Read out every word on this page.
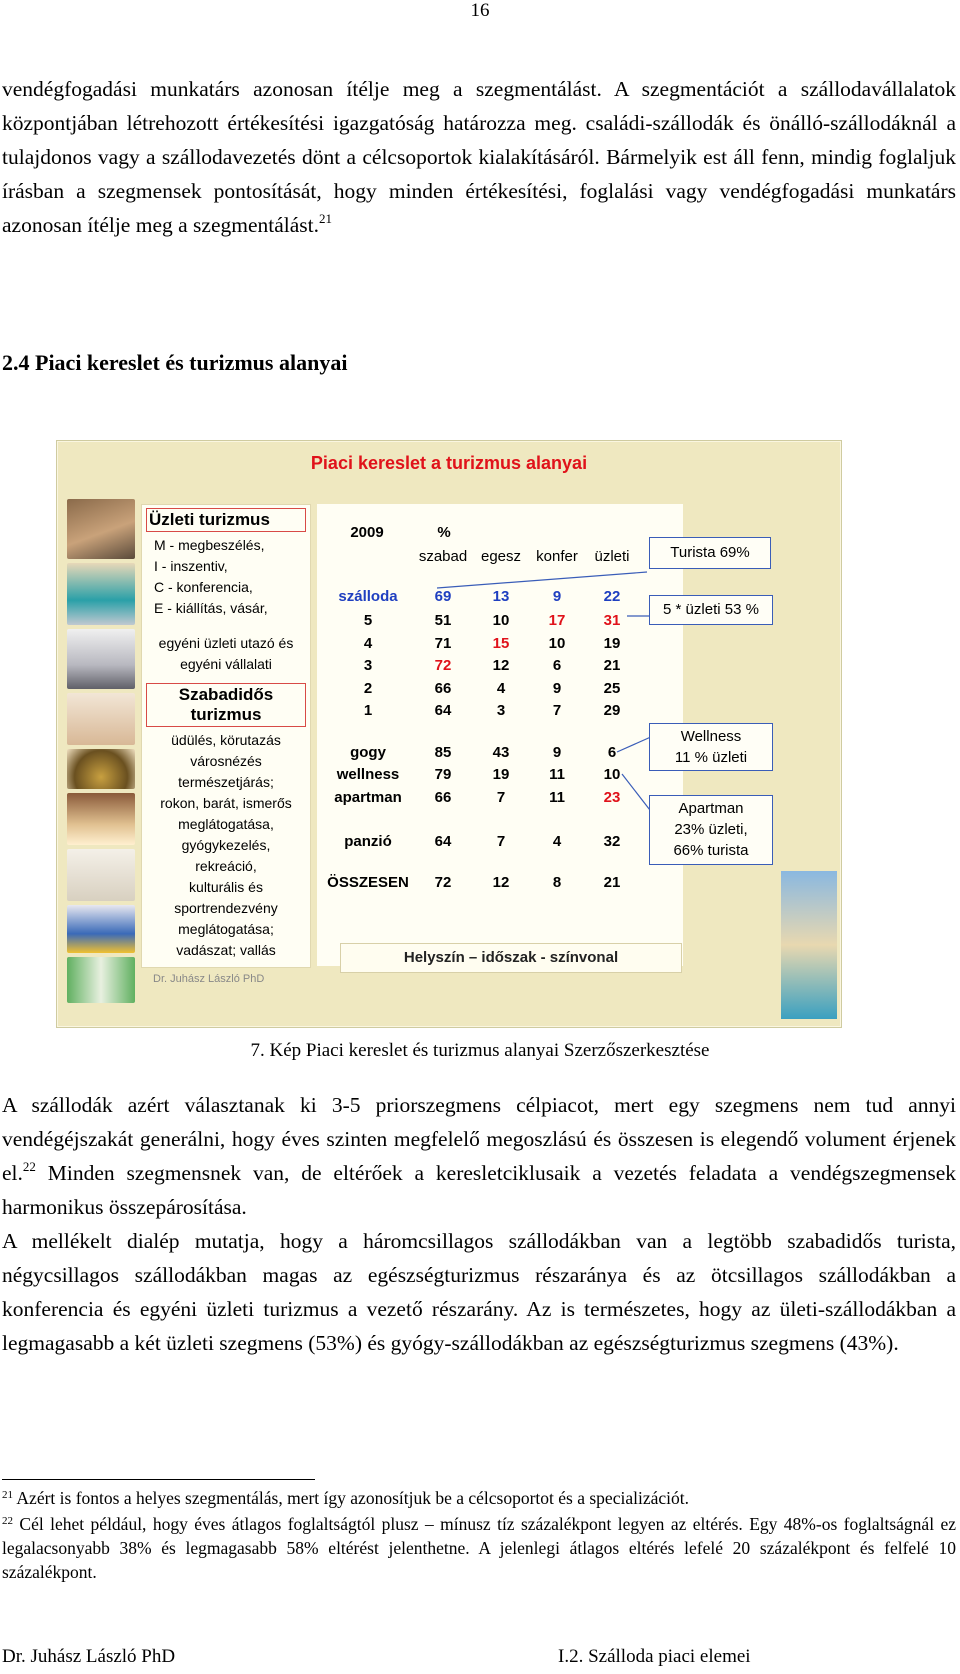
16

vendégfogadási munkatárs azonosan ítélje meg a szegmentálást. A szegmentációt a szállodavállalatok központjában létrehozott értékesítési igazgatóság határozza meg. családi-szállodák és önálló-szállodáknál a tulajdonos vagy a szállodavezetés dönt a célcsoportok kialakításáról. Bármelyik est áll fenn, mindig foglaljuk írásban a szegmensek pontosítását, hogy minden értékesítési, foglalási vagy vendégfogadási munkatárs azonosan ítélje meg a szegmentálást.$^{21}$

2.4 Piaci kereslet és turizmus alanyai
Piaci kereslet a turizmus alanyai
Üzleti turizmus
M - megbeszélés,
I - inszentiv,
C - konferencia,
E - kiállítás, vásár,
egyéni üzleti utazó és
egyéni vállalati
Szabadidős turizmus
üdülés, körutazás
városnézés
természetjárás;
rokon, barát, ismerős
meglátogatása,
gyógykezelés,
rekreáció,
kulturális és
sportrendezvény
meglátogatása;
vadászat; vallás
2009	%
szabad egesz	konfer	üzleti
szálloda	69	13	9	22
5	51	10	17	31
4	71	15	10	19
3	72	12	6	21
2	66	4	9	25
1	64	3	7	29
gogy	85	43	9	6
wellness	79	19	11	10
apartman	66	7	11	23
panzió	64	7	4	32
ÖSSZESEN	72	12	8	21
Turista 69%
5 * üzleti 53 %
Wellness
11 % üzleti
Apartman
23% üzleti,
66% turista
Helyszín – időszak - színvonal
Dr. Juhász László PhD
7. Kép Piaci kereslet és turizmus alanyai Szerzőszerkesztése

A szállodák azért választanak ki 3-5 priorszegmens célpiacot, mert egy szegmens nem tud annyi vendégéjszakát generálni, hogy éves szinten megfelelő megoszlású és összesen is elegendő volument érjenek el.$^{22}$ Minden szegmensnek van, de eltérőek a keresletciklusaik a vezetés feladata a vendégszegmensek harmonikus összepárosítása.

A mellékelt dialép mutatja, hogy a háromcsillagos szállodákban van a legtöbb szabadidős turista, négycsillagos szállodákban magas az egészségturizmus részaránya és az ötcsillagos szállodákban a konferencia és egyéni üzleti turizmus a vezető részarány. Az is természetes, hogy az ületi-szállodákban a legmagasabb a két üzleti szegmens (53%) és gyógy-szállodákban az egészségturizmus szegmens (43%).

$^{21}$ Azért is fontos a helyes szegmentálás, mert így azonosítjuk be a célcsoportot és a specializációt.

$^{22}$ Cél lehet például, hogy éves átlagos foglaltságtól plusz – mínusz tíz százalékpont legyen az eltérés. Egy 48%-os foglaltságnál ez legalacsonyabb 38% és legmagasabb 58% eltérést jelenthetne. A jelenlegi átlagos eltérés lefelé 20 százalékpont és felfelé 10 százalékpont.

Dr. Juhász László PhD	I.2. Szálloda piaci elemei
